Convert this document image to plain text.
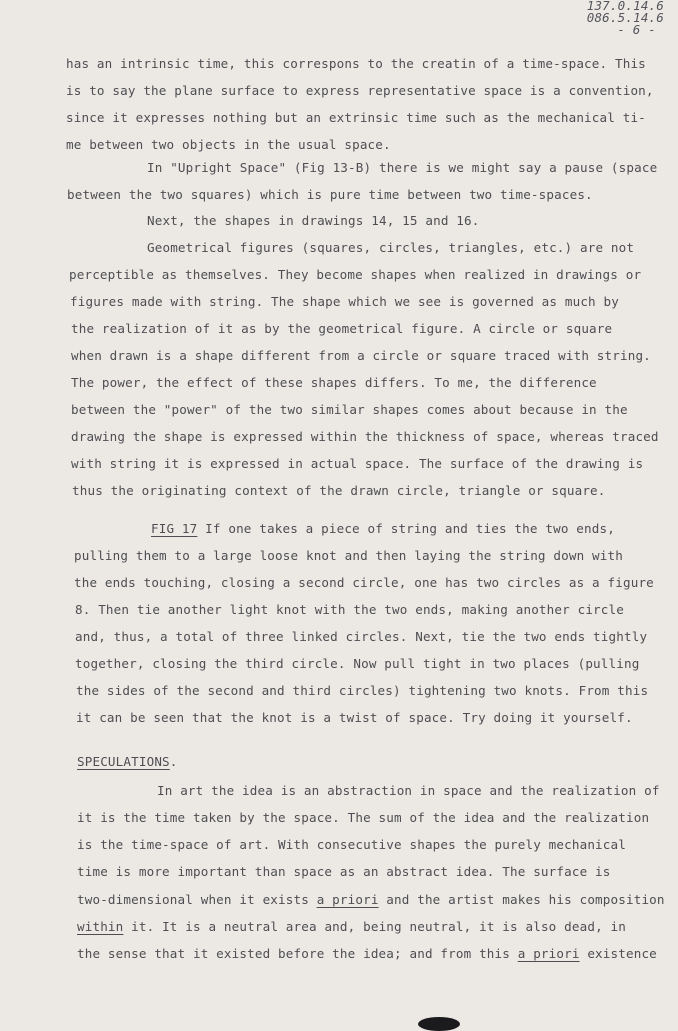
137.0.14.6
086.5.14.6
- 6 -
has an intrinsic time, this correspons to the creatin of a time-space. This
is to say the plane surface to express representative space is a convention,
since it expresses nothing but an extrinsic time such as the mechanical ti-
me between two objects in the usual space.
In "Upright Space" (Fig 13-B) there is we might say a pause (space
between the two squares) which is pure time between two time-spaces.
Next, the shapes in drawings 14, 15 and 16.
Geometrical figures (squares, circles, triangles, etc.) are not
perceptible as themselves. They become shapes when realized in drawings or
figures made with string. The shape which we see is governed as much by
the realization of it as by the geometrical figure. A circle or square
when drawn is a shape different from a circle or square traced with string.
The power, the effect of these shapes differs. To me, the difference
between the "power" of the two similar shapes comes about because in the
drawing the shape is expressed within the thickness of space, whereas traced
with string it is expressed in actual space. The surface of the drawing is
thus the originating context of the drawn circle, triangle or square.
FIG 17 If one takes a piece of string and ties the two ends,
pulling them to a large loose knot and then laying the string down with
the ends touching, closing a second circle, one has two circles as a figure
8. Then tie another light knot with the two ends, making another circle
and, thus, a total of three linked circles. Next, tie the two ends tightly
together, closing the third circle. Now pull tight in two places (pulling
the sides of the second and third circles) tightening two knots. From this
it can be seen that the knot is a twist of space. Try doing it yourself.
SPECULATIONS.
In art the idea is an abstraction in space and the realization of
it is the time taken by the space. The sum of the idea and the realization
is the time-space of art. With consecutive shapes the purely mechanical
time is more important than space as an abstract idea. The surface is
two-dimensional when it exists a priori and the artist makes his composition
within it. It is a neutral area and, being neutral, it is also dead, in
the sense that it existed before the idea; and from this a priori existence
